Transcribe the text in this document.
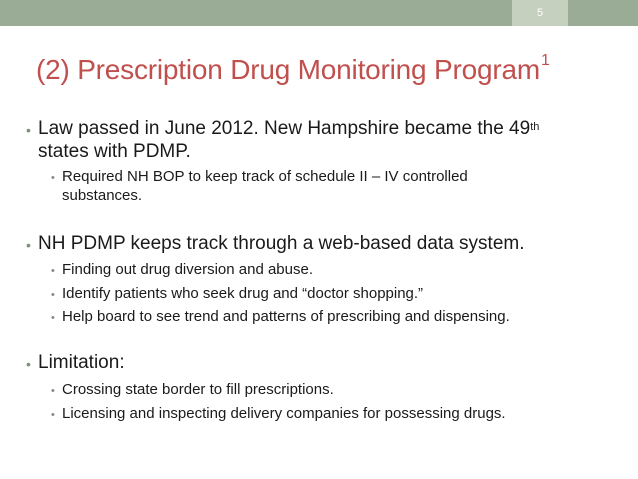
5
(2) Prescription Drug Monitoring Program$^1$
• Law passed in June 2012. New Hampshire became the 49th
states with PDMP.
• Required NH BOP to keep track of schedule II – IV controlled
substances.
• NH PDMP keeps track through a web-based data system.
• Finding out drug diversion and abuse.
• Identify patients who seek drug and “doctor shopping.”
• Help board to see trend and patterns of prescribing and dispensing.
• Limitation:
• Crossing state border to fill prescriptions.
• Licensing and inspecting delivery companies for possessing drugs.
